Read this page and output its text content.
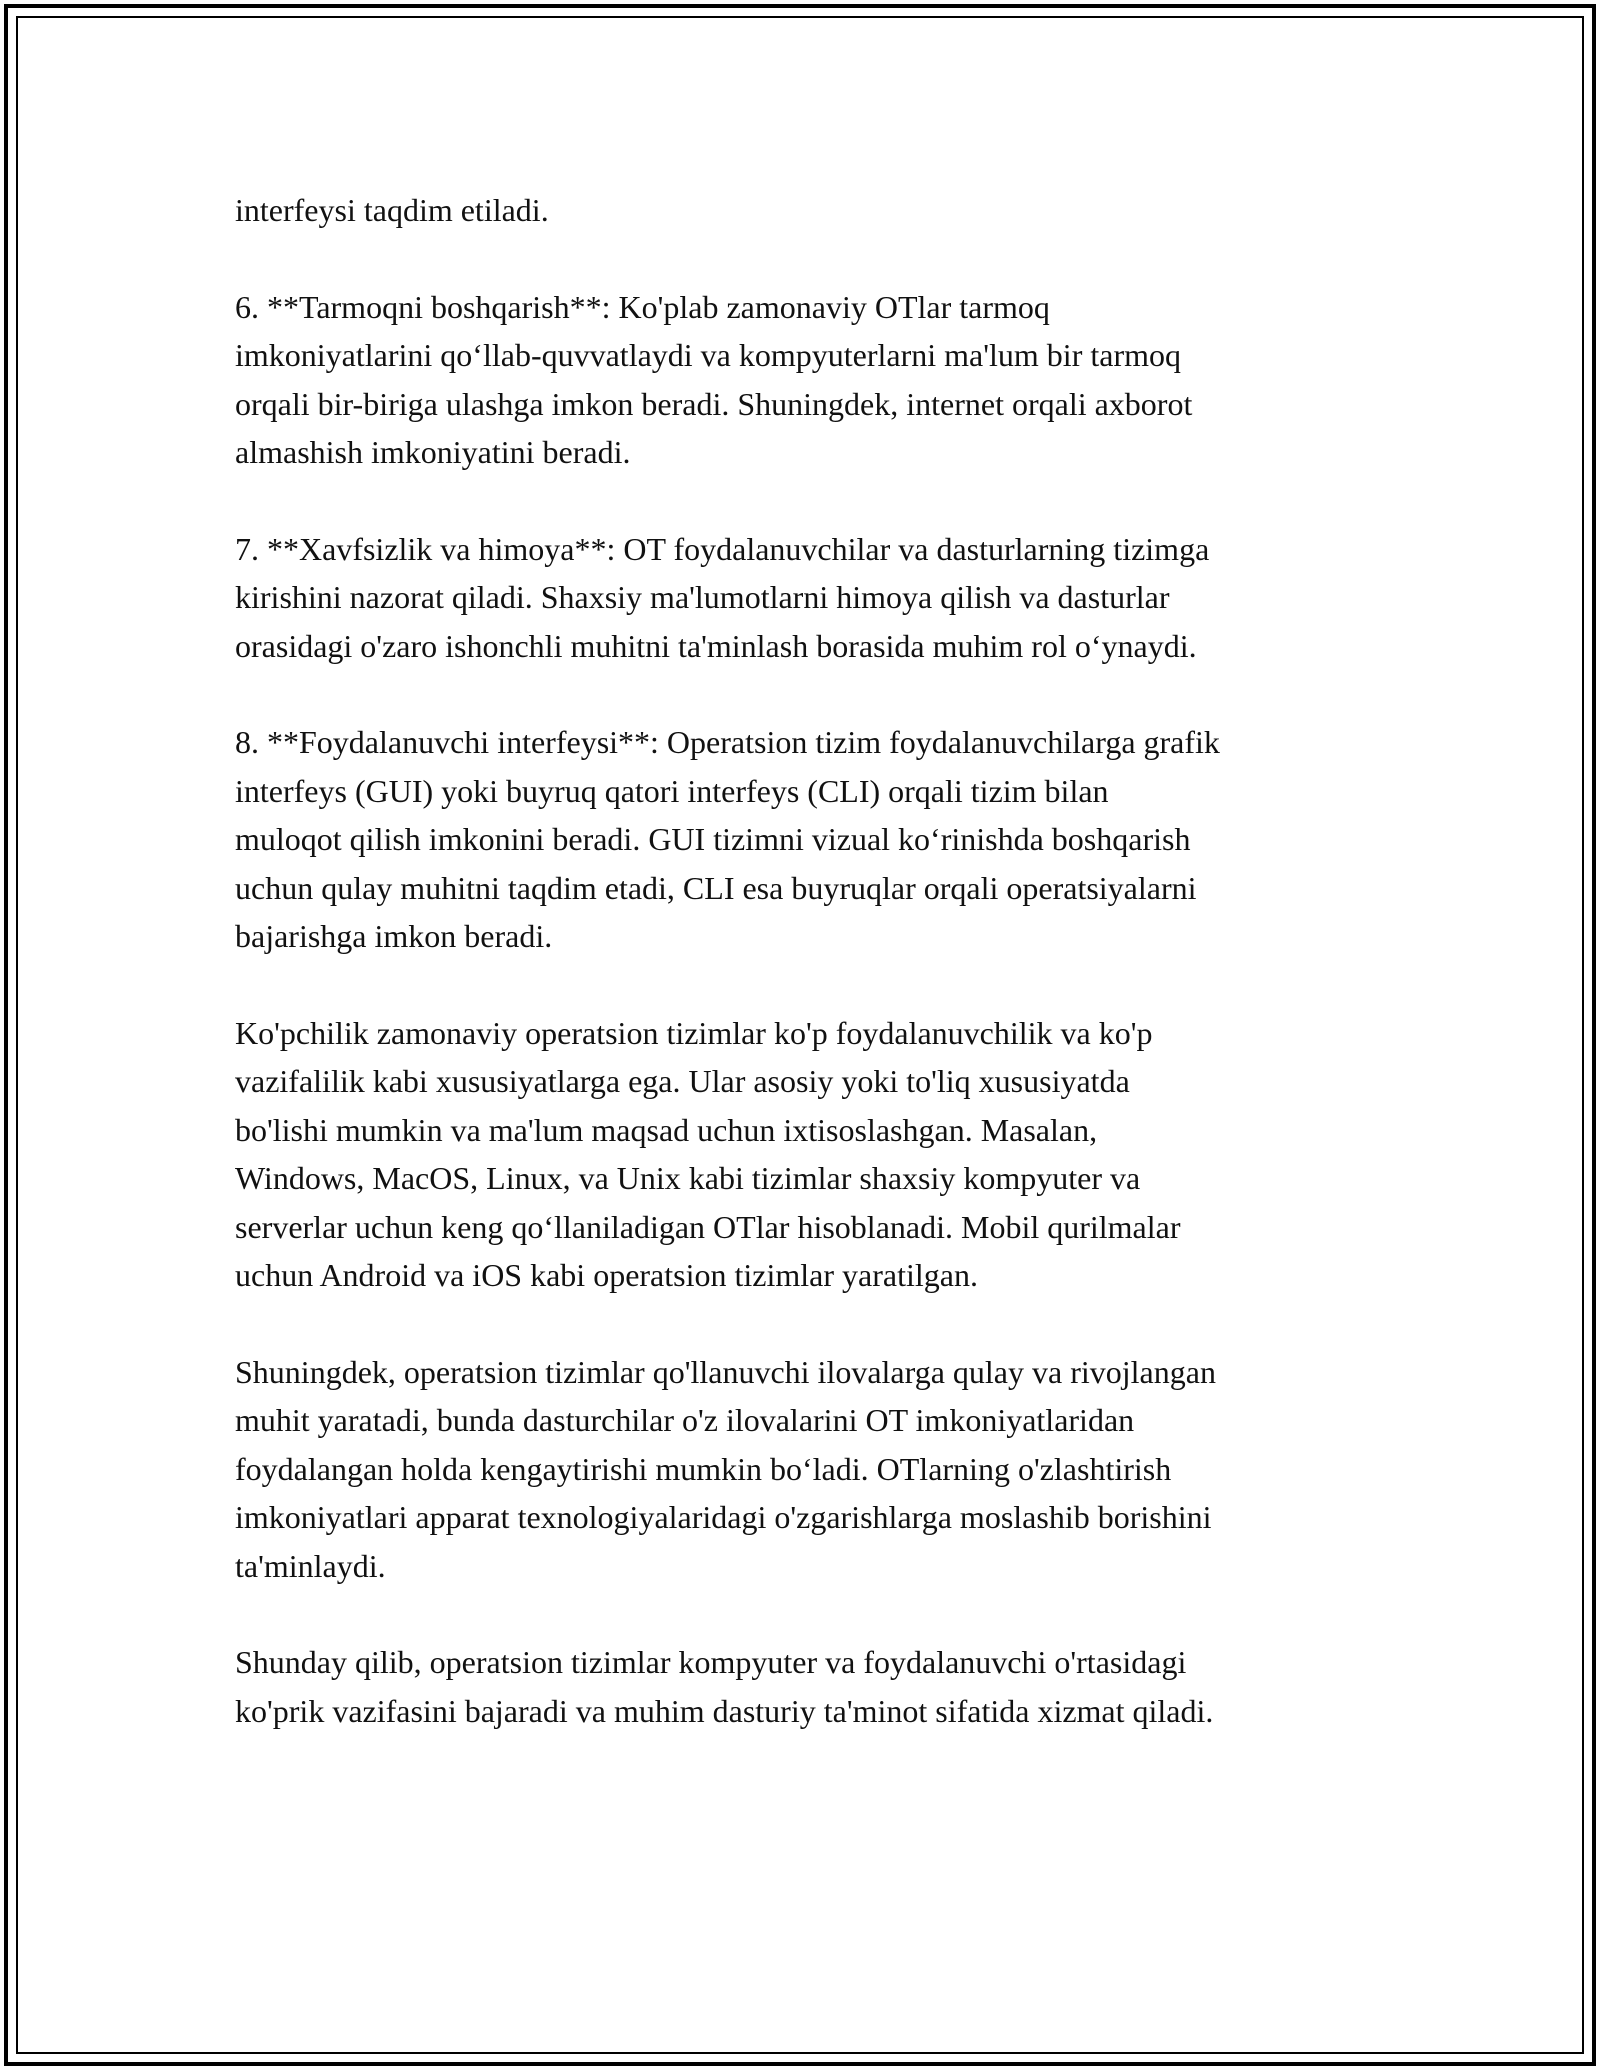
interfeysi taqdim etiladi.

6. **Tarmoqni boshqarish**: Ko'plab zamonaviy OTlar tarmoq
imkoniyatlarini qo‘llab-quvvatlaydi va kompyuterlarni ma'lum bir tarmoq
orqali bir-biriga ulashga imkon beradi. Shuningdek, internet orqali axborot
almashish imkoniyatini beradi.

7. **Xavfsizlik va himoya**: OT foydalanuvchilar va dasturlarning tizimga
kirishini nazorat qiladi. Shaxsiy ma'lumotlarni himoya qilish va dasturlar
orasidagi o'zaro ishonchli muhitni ta'minlash borasida muhim rol o‘ynaydi.

8. **Foydalanuvchi interfeysi**: Operatsion tizim foydalanuvchilarga grafik
interfeys (GUI) yoki buyruq qatori interfeys (CLI) orqali tizim bilan
muloqot qilish imkonini beradi. GUI tizimni vizual ko‘rinishda boshqarish
uchun qulay muhitni taqdim etadi, CLI esa buyruqlar orqali operatsiyalarni
bajarishga imkon beradi.

Ko'pchilik zamonaviy operatsion tizimlar ko'p foydalanuvchilik va ko'p
vazifalilik kabi xususiyatlarga ega. Ular asosiy yoki to'liq xususiyatda
bo'lishi mumkin va ma'lum maqsad uchun ixtisoslashgan. Masalan,
Windows, MacOS, Linux, va Unix kabi tizimlar shaxsiy kompyuter va
serverlar uchun keng qo‘llaniladigan OTlar hisoblanadi. Mobil qurilmalar
uchun Android va iOS kabi operatsion tizimlar yaratilgan.

Shuningdek, operatsion tizimlar qo'llanuvchi ilovalarga qulay va rivojlangan
muhit yaratadi, bunda dasturchilar o'z ilovalarini OT imkoniyatlaridan
foydalangan holda kengaytirishi mumkin bo‘ladi. OTlarning o'zlashtirish
imkoniyatlari apparat texnologiyalaridagi o'zgarishlarga moslashib borishini
ta'minlaydi.

Shunday qilib, operatsion tizimlar kompyuter va foydalanuvchi o'rtasidagi
ko'prik vazifasini bajaradi va muhim dasturiy ta'minot sifatida xizmat qiladi.
